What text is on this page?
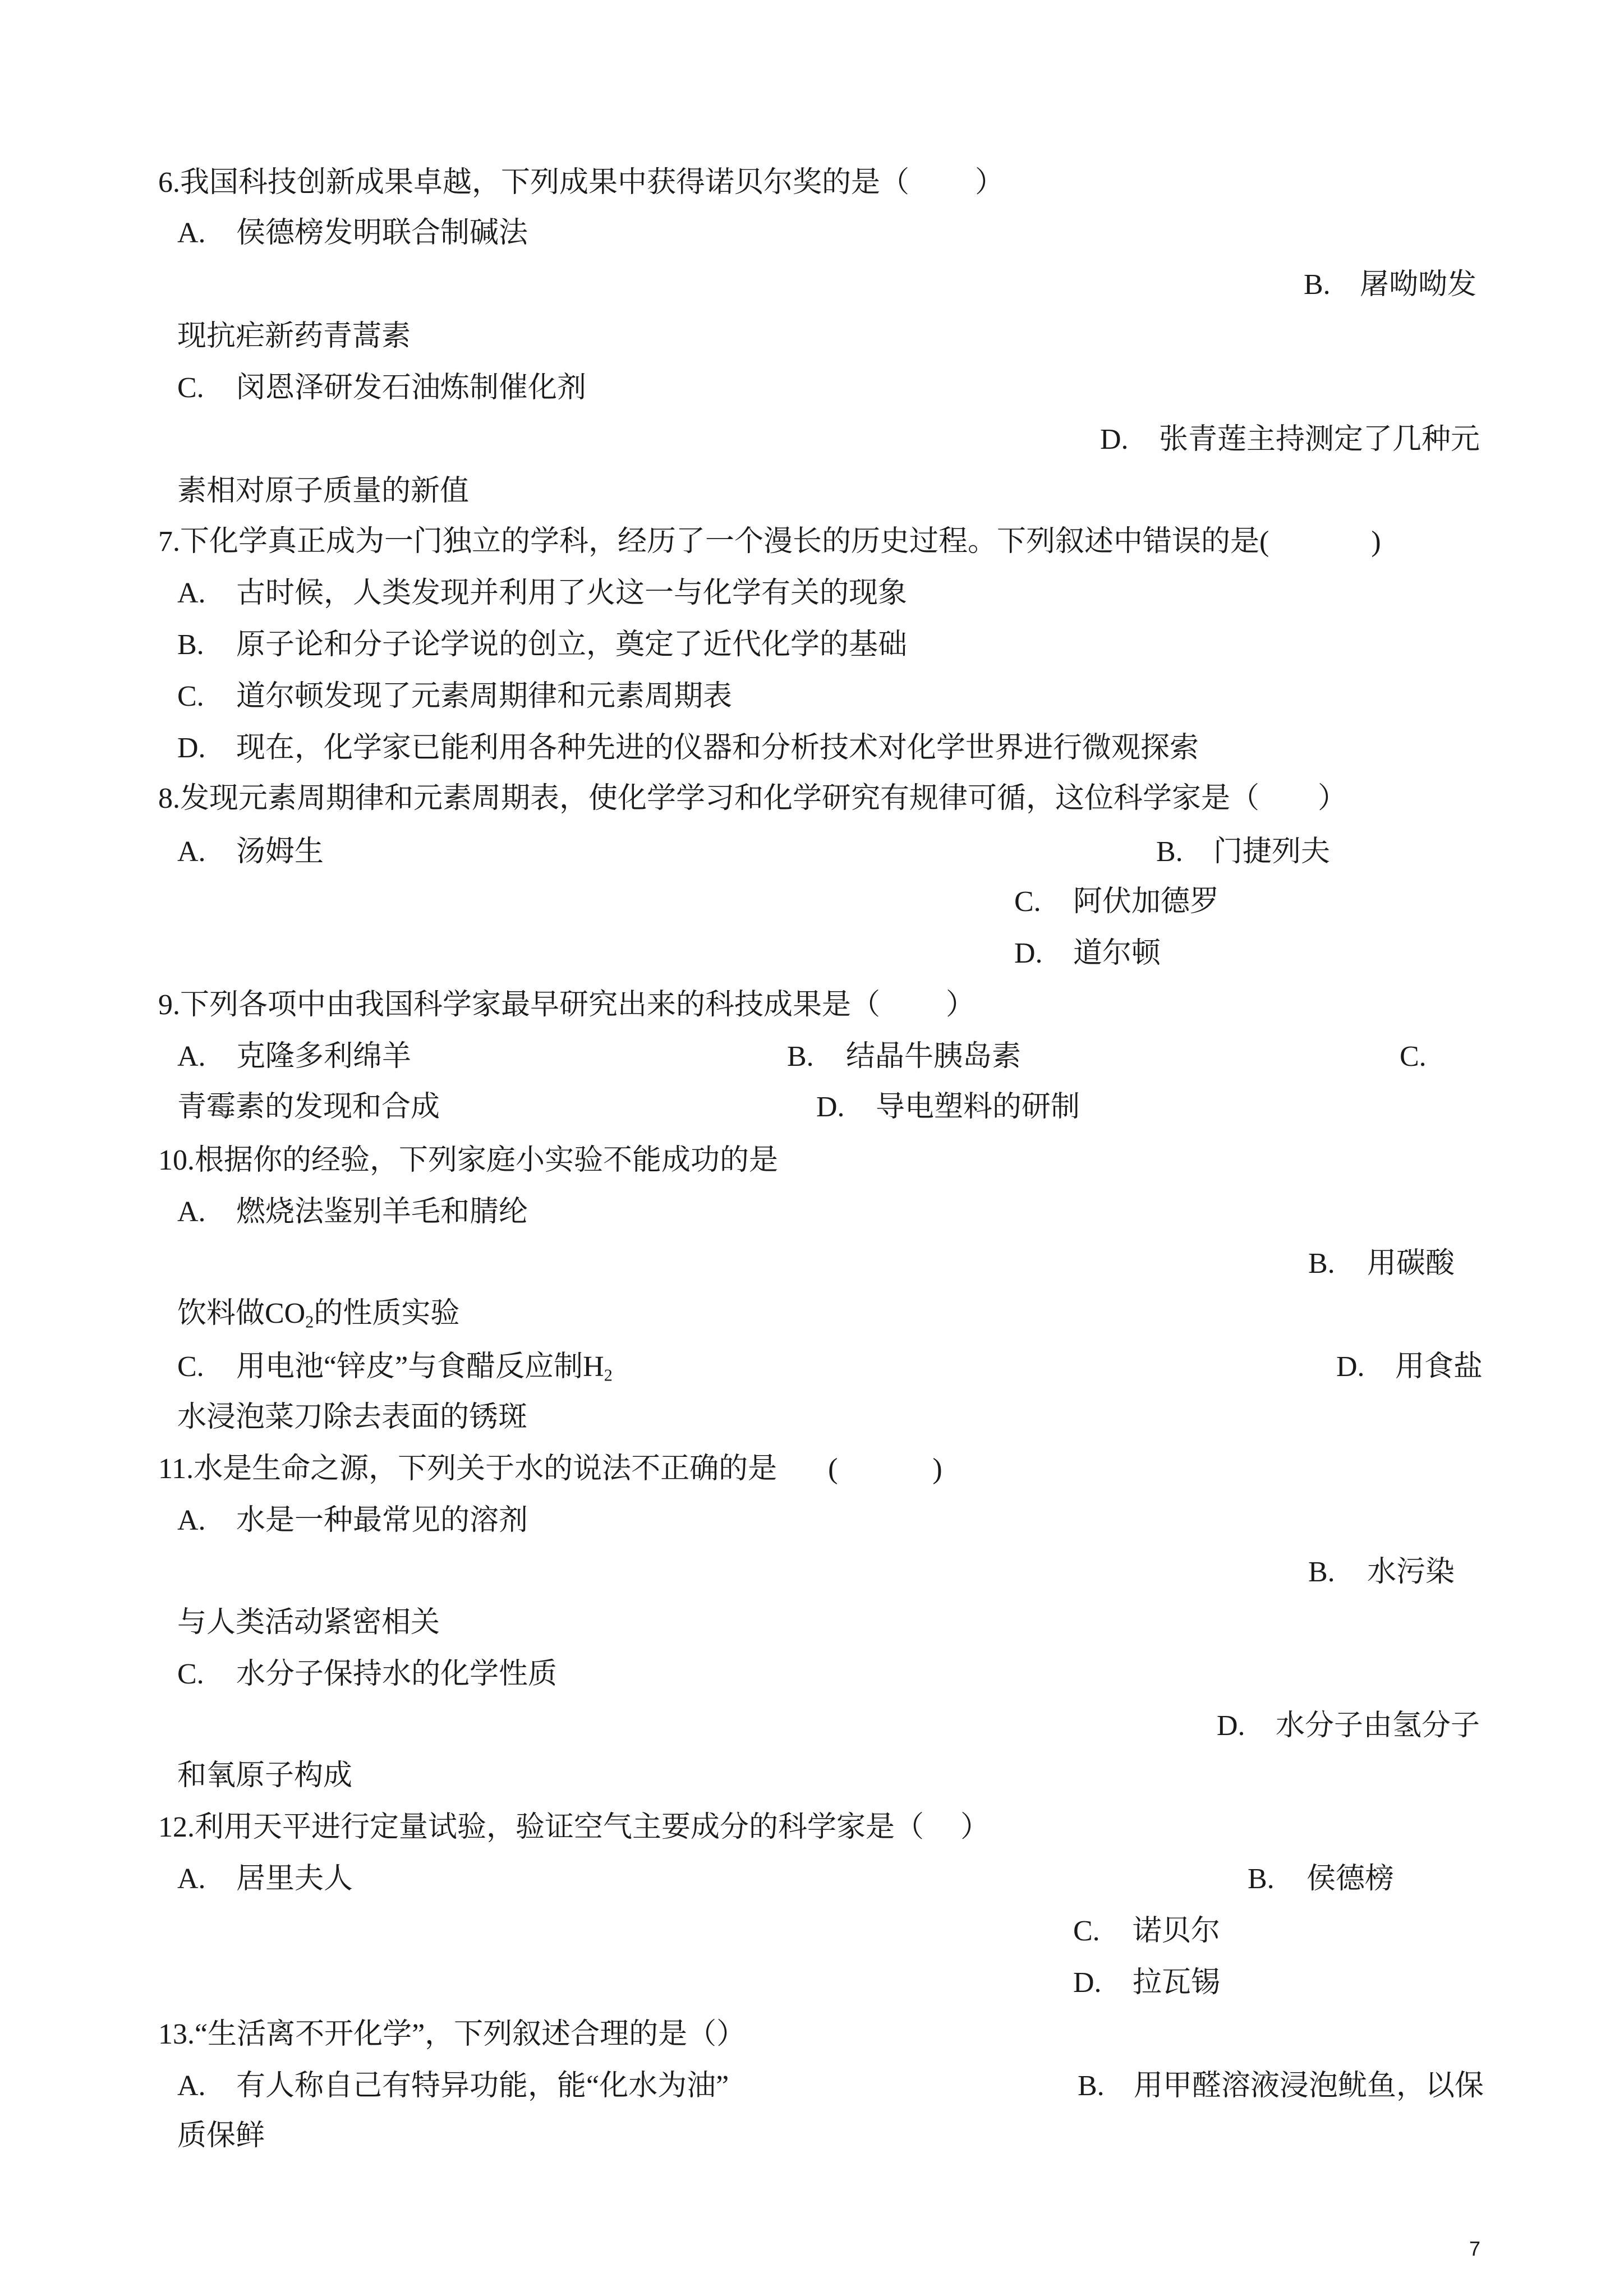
6.我国科技创新成果卓越，下列成果中获得诺贝尔奖的是（         ）
A. 侯德榜发明联合制碱法
B. 屠呦呦发
现抗疟新药青蒿素
C. 闵恩泽研发石油炼制催化剂
D. 张青莲主持测定了几种元
素相对原子质量的新值
7.下化学真正成为一门独立的学科，经历了一个漫长的历史过程。下列叙述中错误的是(              )
A. 古时候，人类发现并利用了火这一与化学有关的现象
B. 原子论和分子论学说的创立，奠定了近代化学的基础
C. 道尔顿发现了元素周期律和元素周期表
D. 现在，化学家已能利用各种先进的仪器和分析技术对化学世界进行微观探索
8.发现元素周期律和元素周期表，使化学学习和化学研究有规律可循，这位科学家是（        ）
A. 汤姆生	B. 门捷列夫
C. 阿伏加德罗
D. 道尔顿
9.下列各项中由我国科学家最早研究出来的科技成果是（         ）
A. 克隆多利绵羊	B. 结晶牛胰岛素	C.
青霉素的发现和合成	D. 导电塑料的研制
10.根据你的经验，下列家庭小实验不能成功的是
A. 燃烧法鉴别羊毛和腈纶
B. 用碳酸
饮料做$CO_2$的性质实验
C. 用电池“锌皮”与食醋反应制$H_2$	D. 用食盐
水浸泡菜刀除去表面的锈斑
11.水是生命之源，下列关于水的说法不正确的是       (             )
A. 水是一种最常见的溶剂
B. 水污染
与人类活动紧密相关
C. 水分子保持水的化学性质
D. 水分子由氢分子
和氧原子构成
12.利用天平进行定量试验，验证空气主要成分的科学家是（     ）
A. 居里夫人	B. 侯德榜
C. 诺贝尔
D. 拉瓦锡
13.“生活离不开化学”，下列叙述合理的是（）
A. 有人称自己有特异功能，能“化水为油”	B. 用甲醛溶液浸泡鱿鱼，以保
质保鲜
7
